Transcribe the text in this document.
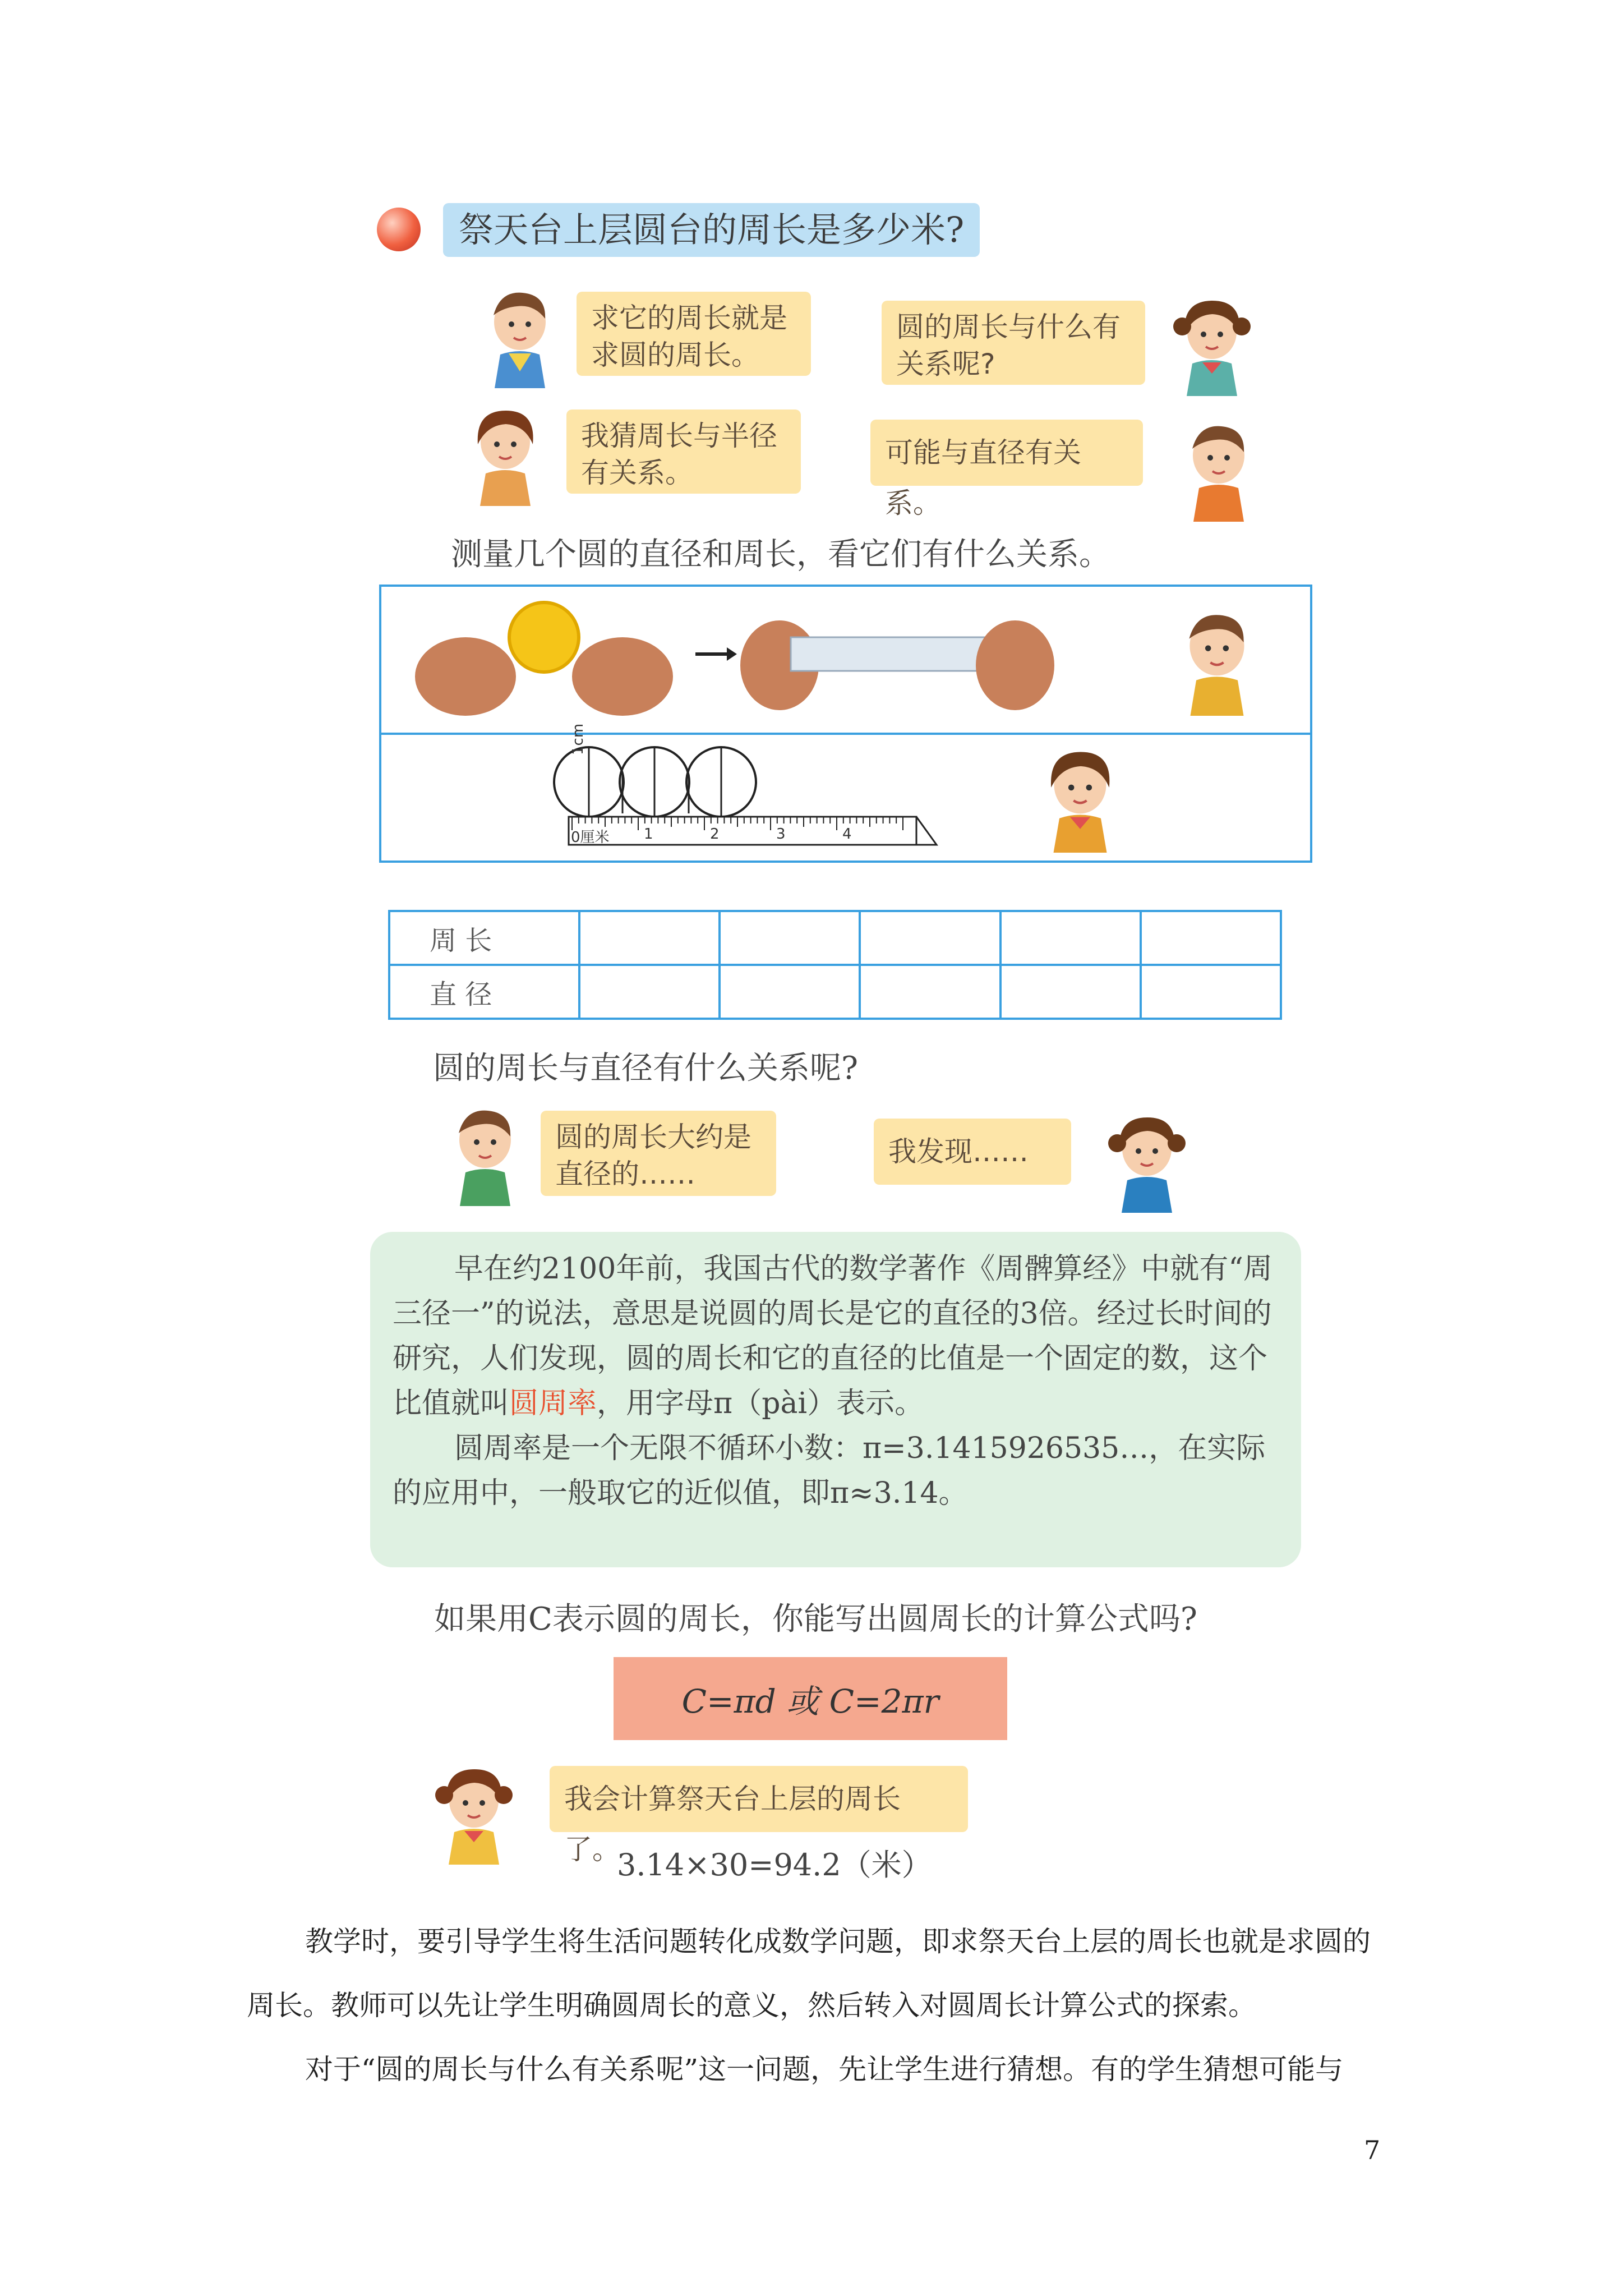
祭天台上层圆台的周长是多少米?
求它的周长就是求圆的周长。
圆的周长与什么有关系呢?
我猜周长与半径有关系。
可能与直径有关系。
测量几个圆的直径和周长，看它们有什么关系。
1cm
0厘米 1	2	3	4
周 长					
直 径					
圆的周长与直径有什么关系呢?
圆的周长大约是直径的……
我发现……

早在约2100年前，我国古代的数学著作《周髀算经》中就有“周三径一”的说法，意思是说圆的周长是它的直径的3倍。经过长时间的研究，人们发现，圆的周长和它的直径的比值是一个固定的数，这个比值就叫圆周率，用字母π（pài）表示。

圆周率是一个无限不循环小数：π=3.1415926535…，在实际的应用中，一般取它的近似值，即π≈3.14。

如果用C表示圆的周长，你能写出圆周长的计算公式吗?
C=πd 或 C=2πr
我会计算祭天台上层的周长了。
3.14×30=94.2（米）
教学时，要引导学生将生活问题转化成数学问题，即求祭天台上层的周长也就是求圆的周长。教师可以先让学生明确圆周长的意义，然后转入对圆周长计算公式的探索。
对于“圆的周长与什么有关系呢”这一问题，先让学生进行猜想。有的学生猜想可能与
7
